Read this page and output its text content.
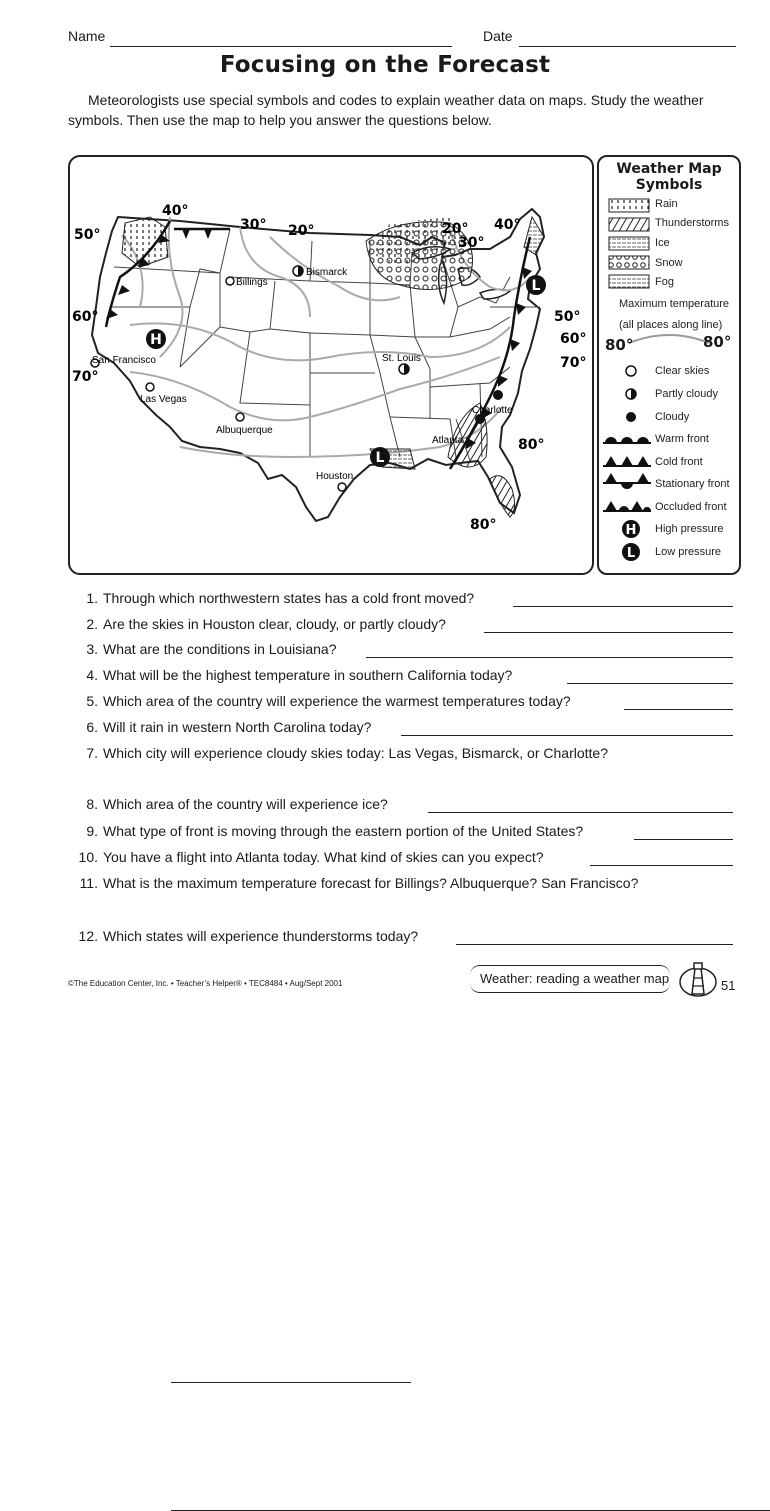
Name	Date
Focusing on the Forecast
Meteorologists use special symbols and codes to explain weather data on maps. Study the weather symbols. Then use the map to help you answer the questions below.
H
L
L
San Francisco
Las Vegas
Billings
Bismarck
Albuquerque
Houston
St. Louis
Charlotte
Atlanta
40°
50°
30° 20°	20° 40°
30°
60°
70°
50°
60°
70°
80°
80°
Weather Map
Symbols
H
L
Rain
Thunderstorms
Ice
Snow
Fog
Maximum temperature
(all places along line)
80°	80°
Clear skies
Partly cloudy
Cloudy
Warm front
Cold front
Stationary front
Occluded front
High pressure
Low pressure
1. Through which northwestern states has a cold front moved?
2. Are the skies in Houston clear, cloudy, or partly cloudy?
3. What are the conditions in Louisiana?
4. What will be the highest temperature in southern California today?
5. Which area of the country will experience the warmest temperatures today?
6. Will it rain in western North Carolina today?
7. Which city will experience cloudy skies today: Las Vegas, Bismarck, or Charlotte?
8. Which area of the country will experience ice?
9. What type of front is moving through the eastern portion of the United States?
10. You have a flight into Atlanta today. What kind of skies can you expect?
11. What is the maximum temperature forecast for Billings? Albuquerque? San Francisco?
12. Which states will experience thunderstorms today?
©The Education Center, Inc. • Teacher’s Helper® • TEC8484 • Aug/Sept 2001	Weather: reading a weather map	51
